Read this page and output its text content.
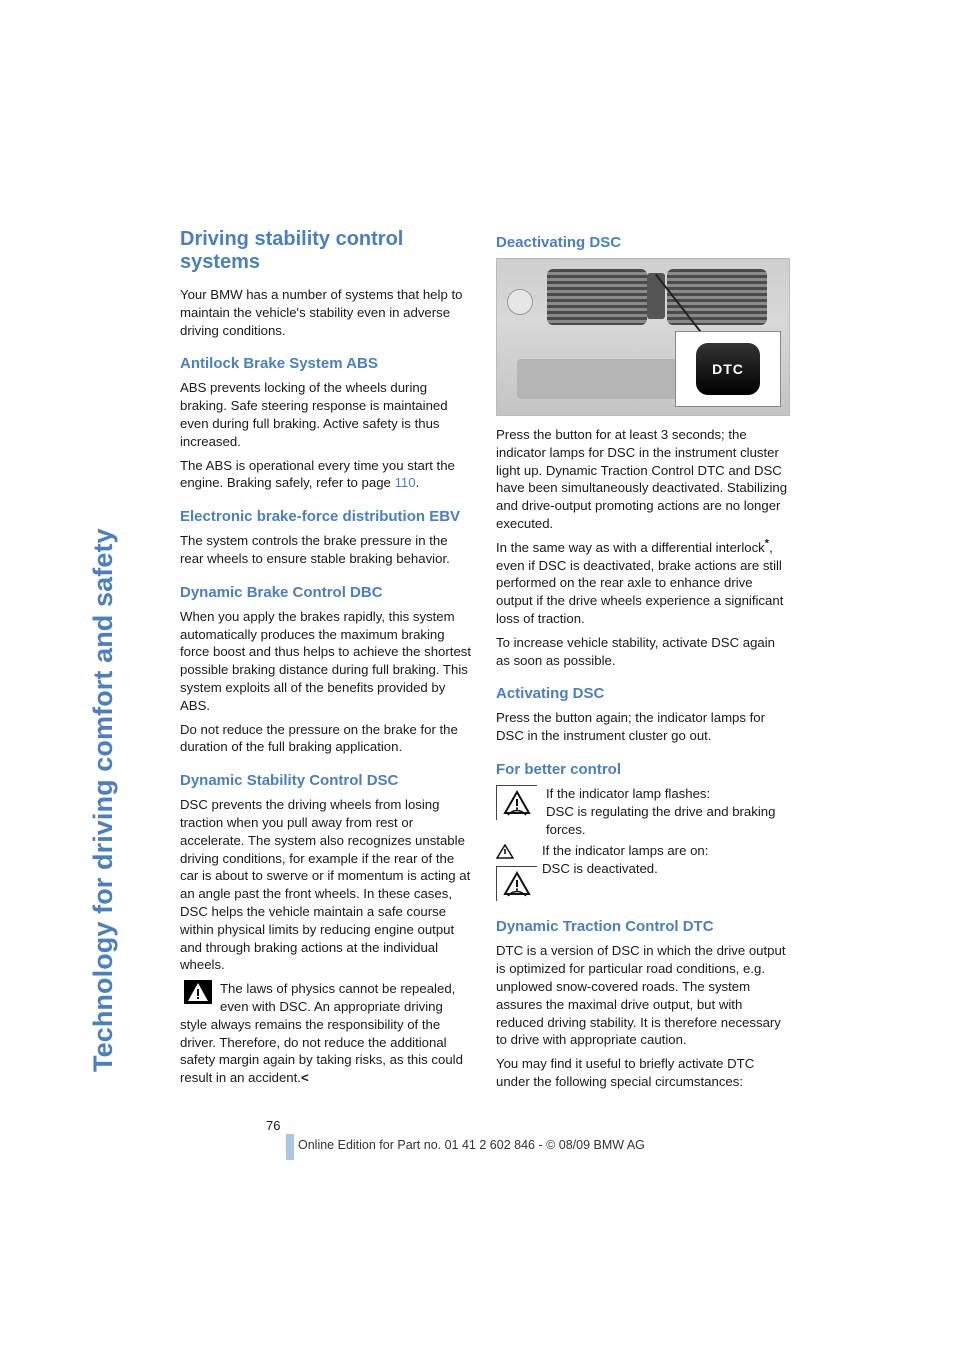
Technology for driving comfort and safety
Driving stability control systems

Your BMW has a number of systems that help to maintain the vehicle's stability even in adverse driving conditions.

Antilock Brake System ABS

ABS prevents locking of the wheels during braking. Safe steering response is maintained even during full braking. Active safety is thus increased.

The ABS is operational every time you start the engine. Braking safely, refer to page 110.

Electronic brake-force distribution EBV

The system controls the brake pressure in the rear wheels to ensure stable braking behavior.

Dynamic Brake Control DBC

When you apply the brakes rapidly, this system automatically produces the maximum braking force boost and thus helps to achieve the shortest possible braking distance during full braking. This system exploits all of the benefits provided by ABS.

Do not reduce the pressure on the brake for the duration of the full braking application.

Dynamic Stability Control DSC

DSC prevents the driving wheels from losing traction when you pull away from rest or accelerate. The system also recognizes unstable driving conditions, for example if the rear of the car is about to swerve or if momentum is acting at an angle past the front wheels. In these cases, DSC helps the vehicle maintain a safe course within physical limits by reducing engine output and through braking actions at the individual wheels.

The laws of physics cannot be repealed, even with DSC. An appropriate driving style always remains the responsibility of the driver. Therefore, do not reduce the additional safety margin again by taking risks, as this could result in an accident.<
Deactivating DSC
DTC

Press the button for at least 3 seconds; the indicator lamps for DSC in the instrument cluster light up. Dynamic Traction Control DTC and DSC have been simultaneously deactivated. Stabilizing and drive-output promoting actions are no longer executed.

In the same way as with a differential interlock*, even if DSC is deactivated, brake actions are still performed on the rear axle to enhance drive output if the drive wheels experience a significant loss of traction.

To increase vehicle stability, activate DSC again as soon as possible.

Activating DSC

Press the button again; the indicator lamps for DSC in the instrument cluster go out.

For better control
If the indicator lamp flashes:
DSC is regulating the drive and braking forces.
If the indicator lamps are on:
DSC is deactivated.
Dynamic Traction Control DTC

DTC is a version of DSC in which the drive output is optimized for particular road conditions, e.g. unplowed snow-covered roads. The system assures the maximal drive output, but with reduced driving stability. It is therefore necessary to drive with appropriate caution.

You may find it useful to briefly activate DTC under the following special circumstances:

76
Online Edition for Part no. 01 41 2 602 846 - © 08/09 BMW AG
